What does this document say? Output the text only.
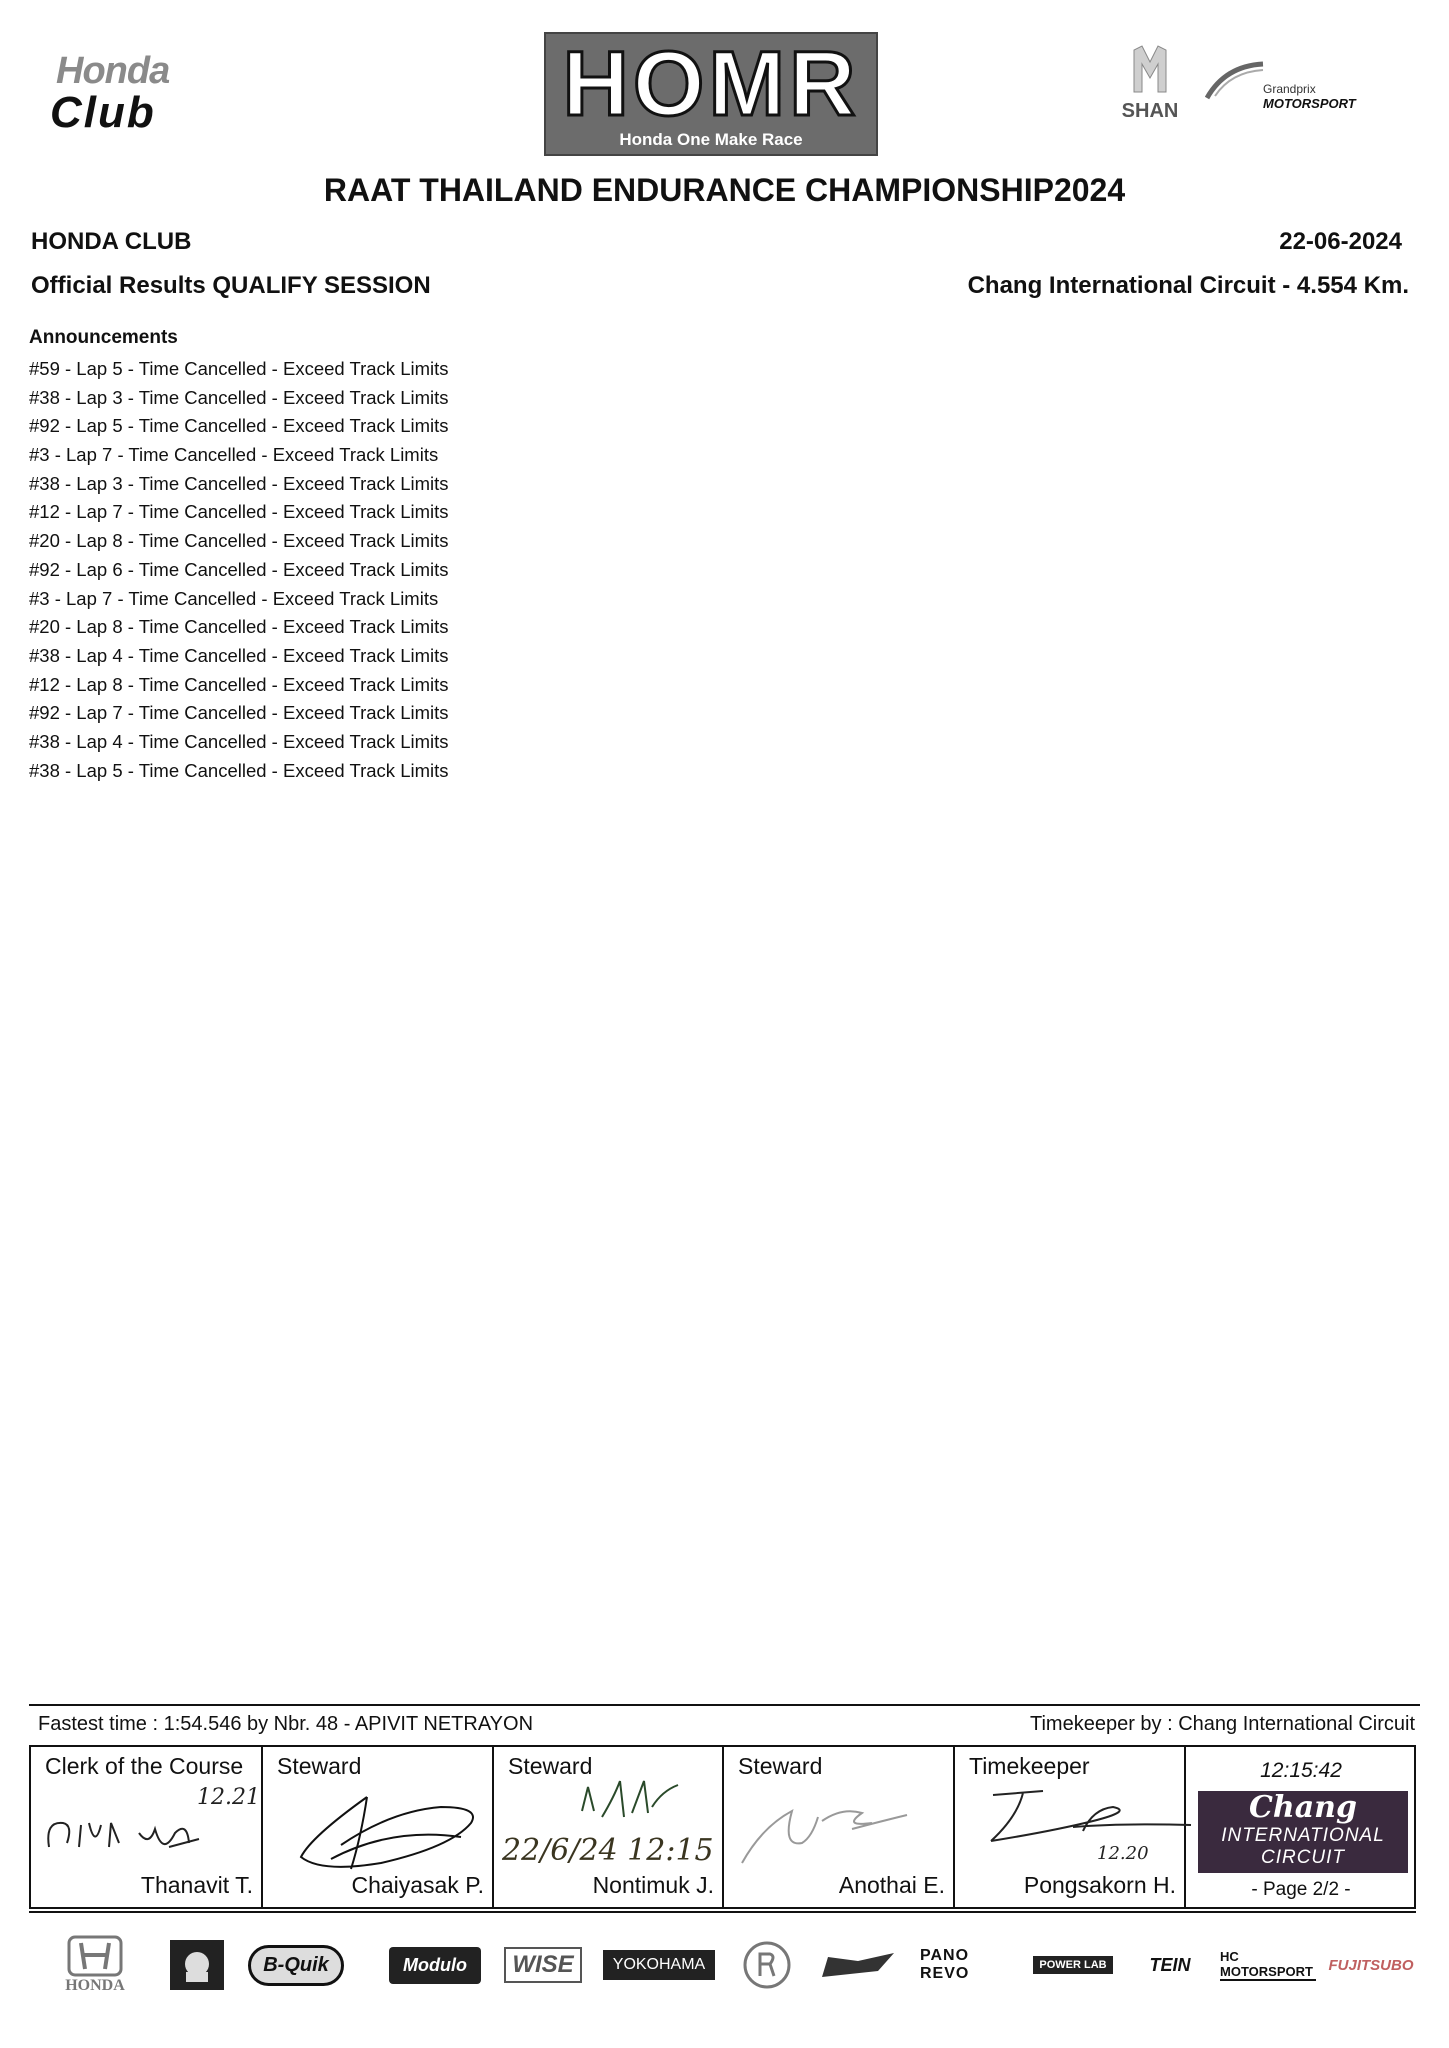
Honda
Club	HOMR
Honda One Make Race
SHAN
Grandprix
MOTORSPORT
RAAT THAILAND ENDURANCE CHAMPIONSHIP2024
HONDA CLUB	22-06-2024
Official Results QUALIFY SESSION	Chang International Circuit - 4.554 Km.
Announcements
#59 - Lap 5 - Time Cancelled - Exceed Track Limits
#38 - Lap 3 - Time Cancelled - Exceed Track Limits
#92 - Lap 5 - Time Cancelled - Exceed Track Limits
#3 - Lap 7 - Time Cancelled - Exceed Track Limits
#38 - Lap 3 - Time Cancelled - Exceed Track Limits
#12 - Lap 7 - Time Cancelled - Exceed Track Limits
#20 - Lap 8 - Time Cancelled - Exceed Track Limits
#92 - Lap 6 - Time Cancelled - Exceed Track Limits
#3 - Lap 7 - Time Cancelled - Exceed Track Limits
#20 - Lap 8 - Time Cancelled - Exceed Track Limits
#38 - Lap 4 - Time Cancelled - Exceed Track Limits
#12 - Lap 8 - Time Cancelled - Exceed Track Limits
#92 - Lap 7 - Time Cancelled - Exceed Track Limits
#38 - Lap 4 - Time Cancelled - Exceed Track Limits
#38 - Lap 5 - Time Cancelled - Exceed Track Limits
Fastest time : 1:54.546 by Nbr. 48 - APIVIT NETRAYON	Timekeeper by : Chang International Circuit
Clerk of the Course
12.21
Thanavit T.
Steward
Chaiyasak P.
Steward
22/6/24 12:15
Nontimuk J.
Steward
Anothai E.
Timekeeper
12.20
Pongsakorn H.
12:15:42
Chang
INTERNATIONAL
CIRCUIT
- Page 2/2 -
HONDA
B-Quik	Modulo	WISE	YOKOHAMA
PANO REVO	POWER LAB	TEIN HC MOTORSPORT FUJITSUBO
